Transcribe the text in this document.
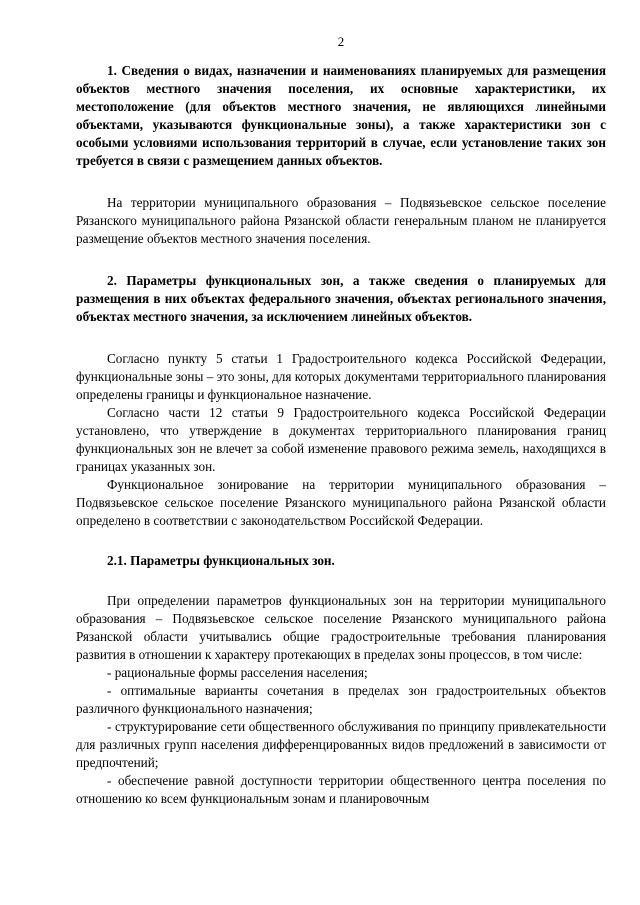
2

1. Сведения о видах, назначении и наименованиях планируемых для размещения объектов местного значения поселения, их основные характеристики, их местоположение (для объектов местного значения, не являющихся линейными объектами, указываются функциональные зоны), а также характеристики зон с особыми условиями использования территорий в случае, если установление таких зон требуется в связи с размещением данных объектов.

На территории муниципального образования – Подвязьевское сельское поселение Рязанского муниципального района Рязанской области генеральным планом не планируется размещение объектов местного значения поселения.

2. Параметры функциональных зон, а также сведения о планируемых для размещения в них объектах федерального значения, объектах регионального значения, объектах местного значения, за исключением линейных объектов.

Согласно пункту 5 статьи 1 Градостроительного кодекса Российской Федерации, функциональные зоны – это зоны, для которых документами территориального планирования определены границы и функциональное назначение.

Согласно части 12 статьи 9 Градостроительного кодекса Российской Федерации установлено, что утверждение в документах территориального планирования границ функциональных зон не влечет за собой изменение правового режима земель, находящихся в границах указанных зон.

Функциональное зонирование на территории муниципального образования – Подвязьевское сельское поселение Рязанского муниципального района Рязанской области определено в соответствии с законодательством Российской Федерации.

2.1. Параметры функциональных зон.

При определении параметров функциональных зон на территории муниципального образования – Подвязьевское сельское поселение Рязанского муниципального района Рязанской области учитывались общие градостроительные требования планирования развития в отношении к характеру протекающих в пределах зоны процессов, в том числе:

- рациональные формы расселения населения;

- оптимальные варианты сочетания в пределах зон градостроительных объектов различного функционального назначения;

- структурирование сети общественного обслуживания по принципу привлекательности для различных групп населения дифференцированных видов предложений в зависимости от предпочтений;

- обеспечение равной доступности территории общественного центра поселения по отношению ко всем функциональным зонам и планировочным
